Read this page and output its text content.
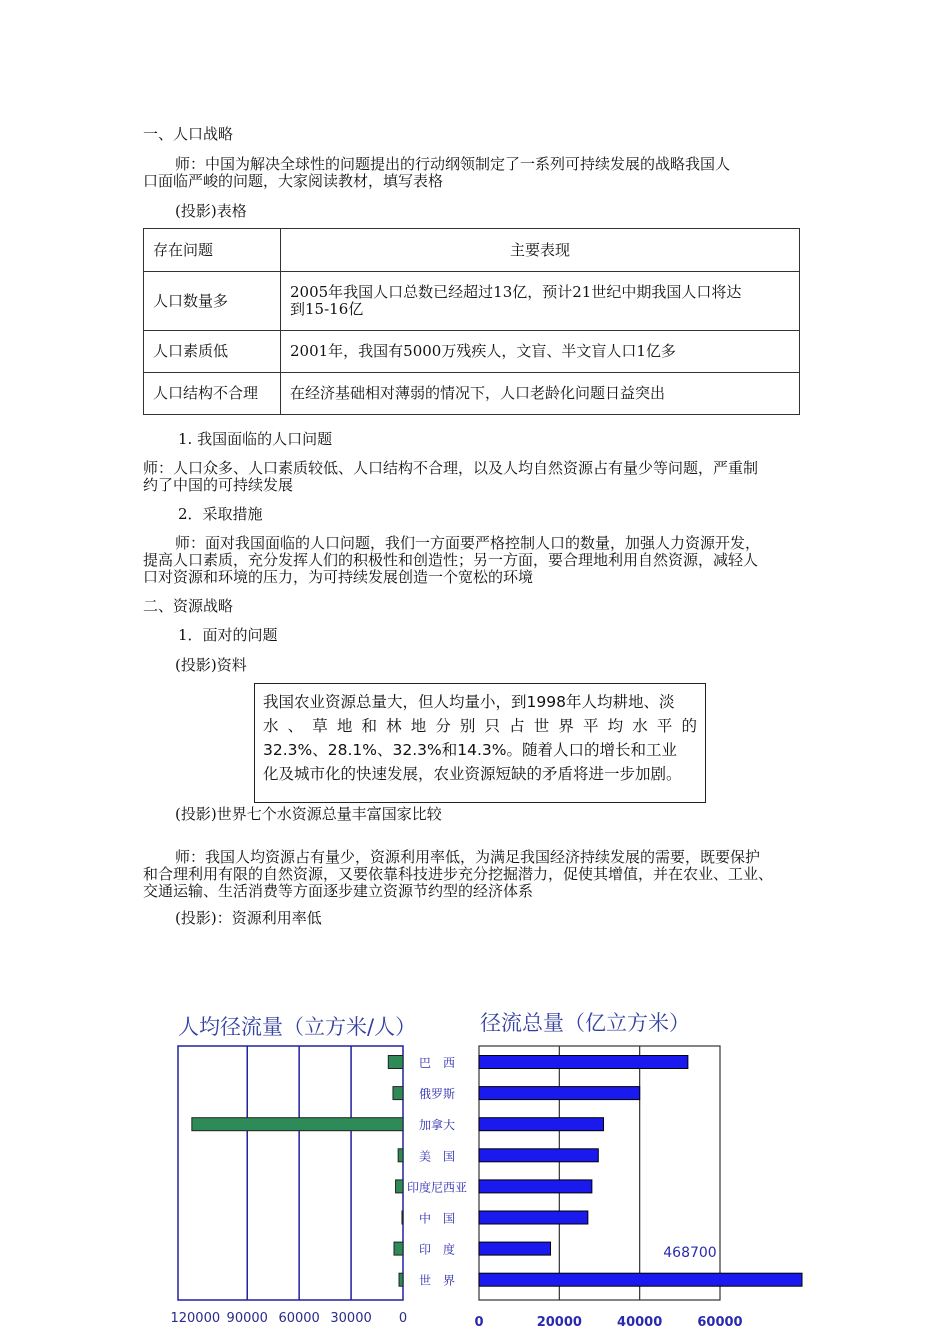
一、人口战略
师：中国为解决全球性的问题提出的行动纲领制定了一系列可持续发展的战略我国人
口面临严峻的问题，大家阅读教材，填写表格
(投影)表格
存在问题	主要表现
人口数量多	2005年我国人口总数已经超过13亿，预计21世纪中期我国人口将达
到15-16亿

人口素质低	2001年，我国有5000万残疾人，文盲、半文盲人口1亿多
人口结构不合理	在经济基础相对薄弱的情况下，人口老龄化问题日益突出
1. 我国面临的人口问题
师：人口众多、人口素质较低、人口结构不合理，以及人均自然资源占有量少等问题，严重制
约了中国的可持续发展
2．采取措施
师：面对我国面临的人口问题，我们一方面要严格控制人口的数量，加强人力资源开发，
提高人口素质，充分发挥人们的积极性和创造性；另一方面，要合理地利用自然资源，减轻人
口对资源和环境的压力，为可持续发展创造一个宽松的环境
二、资源战略
1．面对的问题
(投影)资料

我国农业资源总量大，但人均量小，到1998年人均耕地、淡

水、草地和林地分别只占世界平均水平的

32.3%、28.1%、32.3%和14.3%。随着人口的增长和工业

化及城市化的快速发展，农业资源短缺的矛盾将进一步加剧。

(投影)世界七个水资源总量丰富国家比较
师：我国人均资源占有量少，资源利用率低，为满足我国经济持续发展的需要，既要保护
和合理利用有限的自然资源，又要依靠科技进步充分挖掘潜力，促使其增值，并在农业、工业、
交通运输、生活消费等方面逐步建立资源节约型的经济体系
(投影)：资源利用率低
人均径流量（立方米/人）	径流总量（亿立方米）
120000 90000 60000 30000 0
468700
0	20000	40000	60000
巴　西
俄罗斯
加拿大
美　国
印度尼西亚
中　国
印　度
世　界
